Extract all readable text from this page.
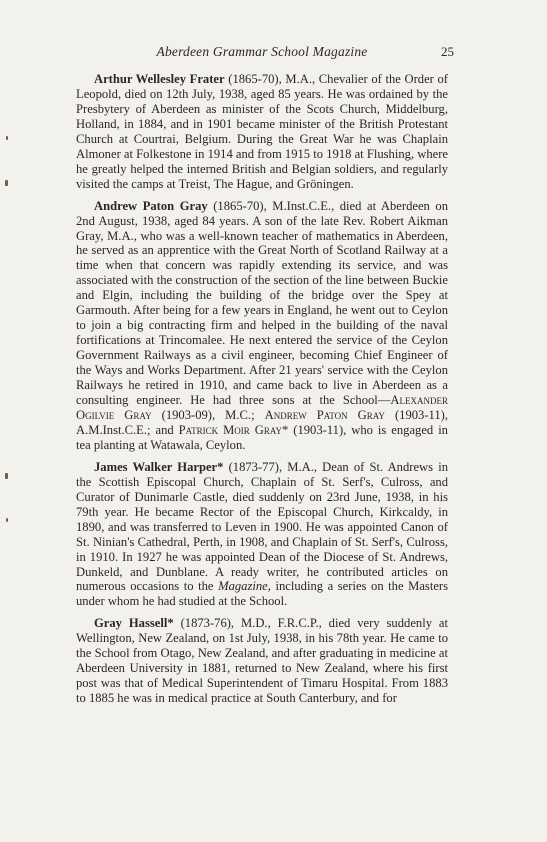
Aberdeen Grammar School Magazine	25

Arthur Wellesley Frater (1865-70), M.A., Chevalier of the Order of Leopold, died on 12th July, 1938, aged 85 years. He was ordained by the Presbytery of Aberdeen as minister of the Scots Church, Middelburg, Holland, in 1884, and in 1901 became minister of the British Protestant Church at Courtrai, Belgium. During the Great War he was Chaplain Almoner at Folkestone in 1914 and from 1915 to 1918 at Flushing, where he greatly helped the interned British and Belgian soldiers, and regularly visited the camps at Treist, The Hague, and Gröningen.

Andrew Paton Gray (1865-70), M.Inst.C.E., died at Aberdeen on 2nd August, 1938, aged 84 years. A son of the late Rev. Robert Aikman Gray, M.A., who was a well-known teacher of mathematics in Aberdeen, he served as an apprentice with the Great North of Scotland Railway at a time when that concern was rapidly extending its service, and was associated with the construction of the section of the line between Buckie and Elgin, including the building of the bridge over the Spey at Garmouth. After being for a few years in England, he went out to Ceylon to join a big contracting firm and helped in the building of the naval fortifications at Trincomalee. He next entered the service of the Ceylon Government Railways as a civil engineer, becoming Chief Engineer of the Ways and Works Department. After 21 years' service with the Ceylon Railways he retired in 1910, and came back to live in Aberdeen as a consulting engineer. He had three sons at the School—Alexander Ogilvie Gray (1903-09), M.C.; Andrew Paton Gray (1903-11), A.M.Inst.C.E.; and Patrick Moir Gray* (1903-11), who is engaged in tea planting at Watawala, Ceylon.

James Walker Harper* (1873-77), M.A., Dean of St. Andrews in the Scottish Episcopal Church, Chaplain of St. Serf's, Culross, and Curator of Dunimarle Castle, died suddenly on 23rd June, 1938, in his 79th year. He became Rector of the Episcopal Church, Kirkcaldy, in 1890, and was transferred to Leven in 1900. He was appointed Canon of St. Ninian's Cathedral, Perth, in 1908, and Chaplain of St. Serf's, Culross, in 1910. In 1927 he was appointed Dean of the Diocese of St. Andrews, Dunkeld, and Dunblane. A ready writer, he contributed articles on numerous occasions to the Magazine, including a series on the Masters under whom he had studied at the School.

Gray Hassell* (1873-76), M.D., F.R.C.P., died very suddenly at Wellington, New Zealand, on 1st July, 1938, in his 78th year. He came to the School from Otago, New Zealand, and after graduating in medicine at Aberdeen University in 1881, returned to New Zealand, where his first post was that of Medical Superintendent of Timaru Hospital. From 1883 to 1885 he was in medical practice at South Canterbury, and for
